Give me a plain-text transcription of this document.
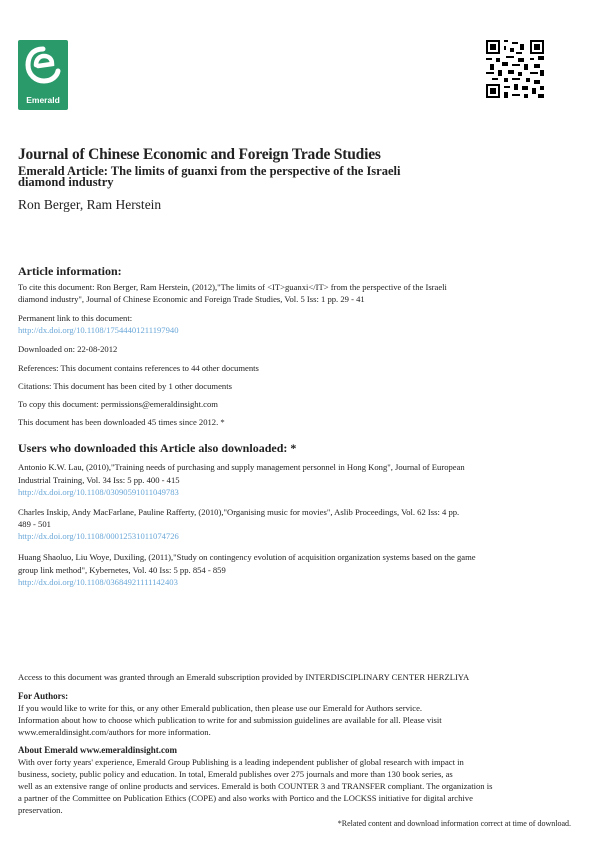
Emerald
Journal of Chinese Economic and Foreign Trade Studies
Emerald Article: The limits of guanxi from the perspective of the Israeli diamond industry
Ron Berger, Ram Herstein
Article information:
To cite this document: Ron Berger, Ram Herstein, (2012),"The limits of <IT>guanxi</IT> from the perspective of the Israeli
diamond industry", Journal of Chinese Economic and Foreign Trade Studies, Vol. 5 Iss: 1 pp. 29 - 41
Permanent link to this document:
http://dx.doi.org/10.1108/17544401211197940
Downloaded on: 22-08-2012
References: This document contains references to 44 other documents
Citations: This document has been cited by 1 other documents
To copy this document: permissions@emeraldinsight.com
This document has been downloaded 45 times since 2012. *
Users who downloaded this Article also downloaded: *
Antonio K.W. Lau, (2010),"Training needs of purchasing and supply management personnel in Hong Kong", Journal of European
Industrial Training, Vol. 34 Iss: 5 pp. 400 - 415
http://dx.doi.org/10.1108/03090591011049783
Charles Inskip, Andy MacFarlane, Pauline Rafferty, (2010),"Organising music for movies", Aslib Proceedings, Vol. 62 Iss: 4 pp.
489 - 501
http://dx.doi.org/10.1108/00012531011074726
Huang Shaoluo, Liu Woye, Duxiling, (2011),"Study on contingency evolution of acquisition organization systems based on the game
group link method", Kybernetes, Vol. 40 Iss: 5 pp. 854 - 859
http://dx.doi.org/10.1108/03684921111142403
Access to this document was granted through an Emerald subscription provided by INTERDISCIPLINARY CENTER HERZLIYA
For Authors:
If you would like to write for this, or any other Emerald publication, then please use our Emerald for Authors service.
Information about how to choose which publication to write for and submission guidelines are available for all. Please visit
www.emeraldinsight.com/authors for more information.
About Emerald www.emeraldinsight.com
With over forty years' experience, Emerald Group Publishing is a leading independent publisher of global research with impact in
business, society, public policy and education. In total, Emerald publishes over 275 journals and more than 130 book series, as
well as an extensive range of online products and services. Emerald is both COUNTER 3 and TRANSFER compliant. The organization is
a partner of the Committee on Publication Ethics (COPE) and also works with Portico and the LOCKSS initiative for digital archive
preservation.
*Related content and download information correct at time of download.
